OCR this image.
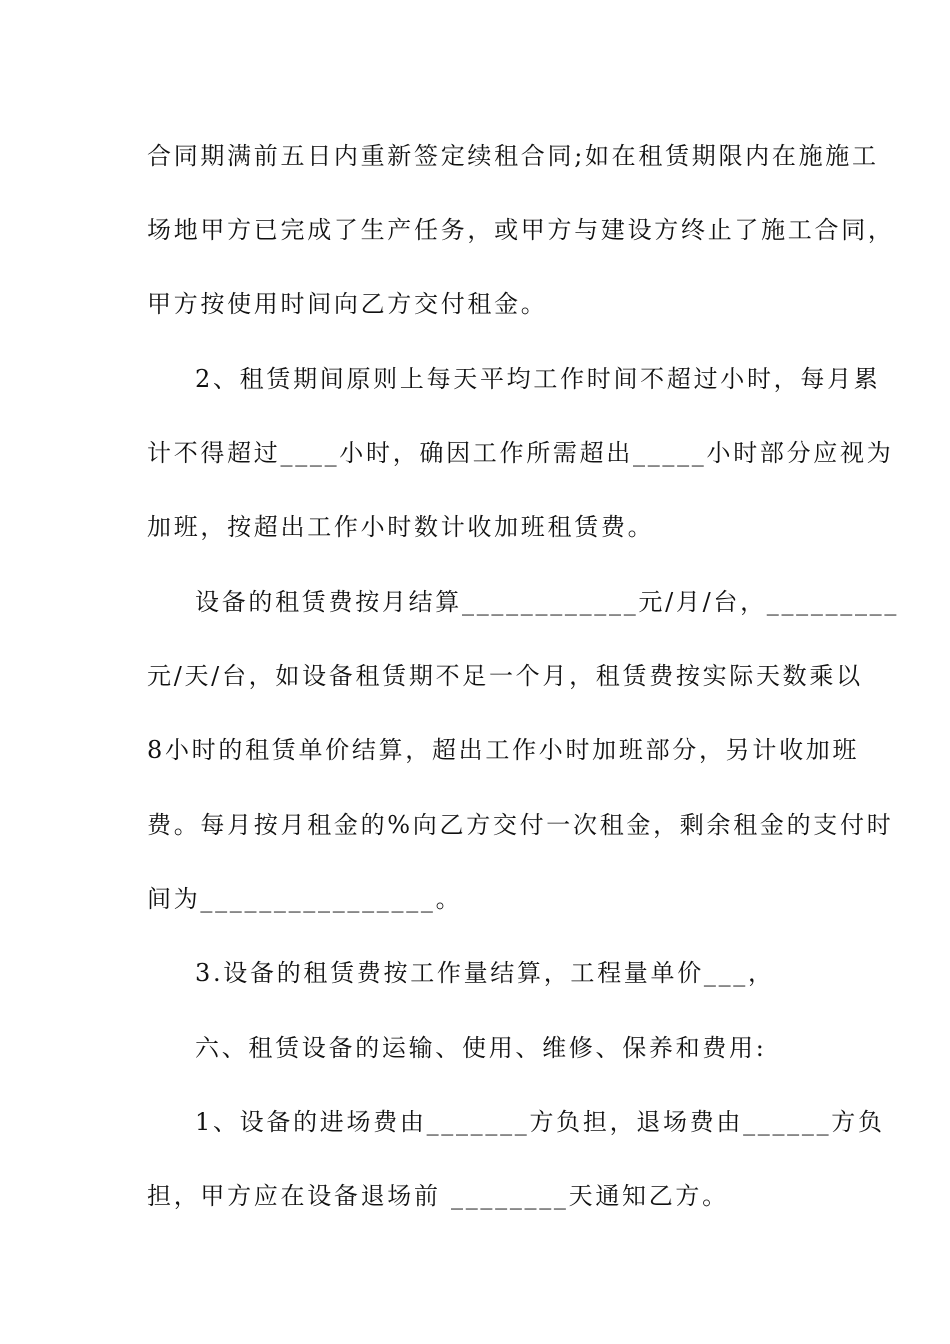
合同期满前五日内重新签定续租合同;如在租赁期限内在施施工
场地甲方已完成了生产任务，或甲方与建设方终止了施工合同，
甲方按使用时间向乙方交付租金。
2、租赁期间原则上每天平均工作时间不超过小时，每月累
计不得超过____小时，确因工作所需超出_____小时部分应视为
加班，按超出工作小时数计收加班租赁费。
设备的租赁费按月结算____________元/月/台，_________
元/天/台，如设备租赁期不足一个月，租赁费按实际天数乘以
8小时的租赁单价结算，超出工作小时加班部分，另计收加班
费。每月按月租金的%向乙方交付一次租金，剩余租金的支付时
间为________________。
3.设备的租赁费按工作量结算，工程量单价___，
六、租赁设备的运输、使用、维修、保养和费用:
1、设备的进场费由_______方负担，退场费由______方负
担，甲方应在设备退场前 ________天通知乙方。
